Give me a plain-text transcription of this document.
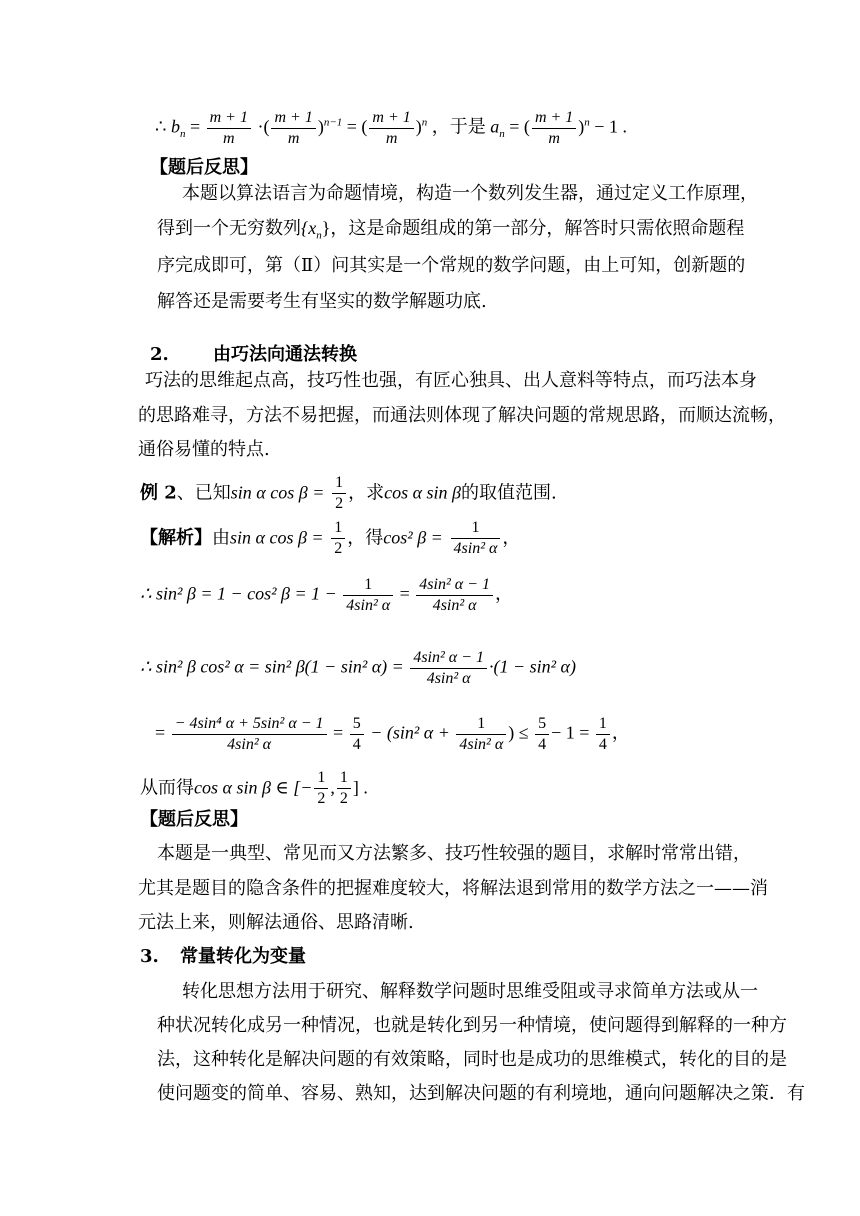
∴ $b_n = \frac{m + 1}{m}$ ·( $\frac{m + 1}{m} )^{n-1}$ = ( $\frac{m + 1}{m} )^n$ ，于是 $a_n$ = ( $\frac{m + 1}{m} )^n - 1$ .
【题后反思】
本题以算法语言为命题情境，构造一个数列发生器，通过定义工作原理，
得到一个无穷数列$\{x_n\}$，这是命题组成的第一部分，解答时只需依照命题程
序完成即可，第（Ⅱ）问其实是一个常规的数学问题，由上可知，创新题的
解答还是需要考生有坚实的数学解题功底.
2. 由巧法向通法转换
巧法的思维起点高，技巧性也强，有匠心独具、出人意料等特点，而巧法本身
的思路难寻，方法不易把握，而通法则体现了解决问题的常规思路，而顺达流畅，
通俗易懂的特点.
例 2、已知sin α $\cos \beta = \frac{1}{2}$ ，求cos α sin β的取值范围.
【解析】由sin α $\cos \beta = \frac{1}{2}$ ，得cos² $\beta = \frac{1}{\text{4sin² α}}$ ，
∴ sin² β = 1 − cos² $\beta = 1 - \frac{1}{\text{4sin² α}} = \frac{\text{4sin² α − 1}}{\text{4sin² α}}$ ，
∴ sin² β cos² α = sin² β(1 − sin² $\alpha) = \frac{\text{4sin² α − 1}}{\text{4sin² α}} \cdot(1 - \sin^2$ α)
= $\frac{\text{− 4sin⁴ α + 5sin² α − 1}}{\text{4sin² α}} = \frac{5}{4} - (\sin^2$ $\alpha + \frac{1}{\text{4sin² α}}$ ) ≤ $\frac{5}{4} - 1 = \frac{1}{4}$ ，
从而得cos α sin β ∈ [− $\frac{1}{2}$ , $\frac{1}{2}$ ] .
【题后反思】
本题是一典型、常见而又方法繁多、技巧性较强的题目，求解时常常出错，
尤其是题目的隐含条件的把握难度较大，将解法退到常用的数学方法之一——消
元法上来，则解法通俗、思路清晰.
3. 常量转化为变量
转化思想方法用于研究、解释数学问题时思维受阻或寻求简单方法或从一
种状况转化成另一种情况，也就是转化到另一种情境，使问题得到解释的一种方
法，这种转化是解决问题的有效策略，同时也是成功的思维模式，转化的目的是
使问题变的简单、容易、熟知，达到解决问题的有利境地，通向问题解决之策．有
